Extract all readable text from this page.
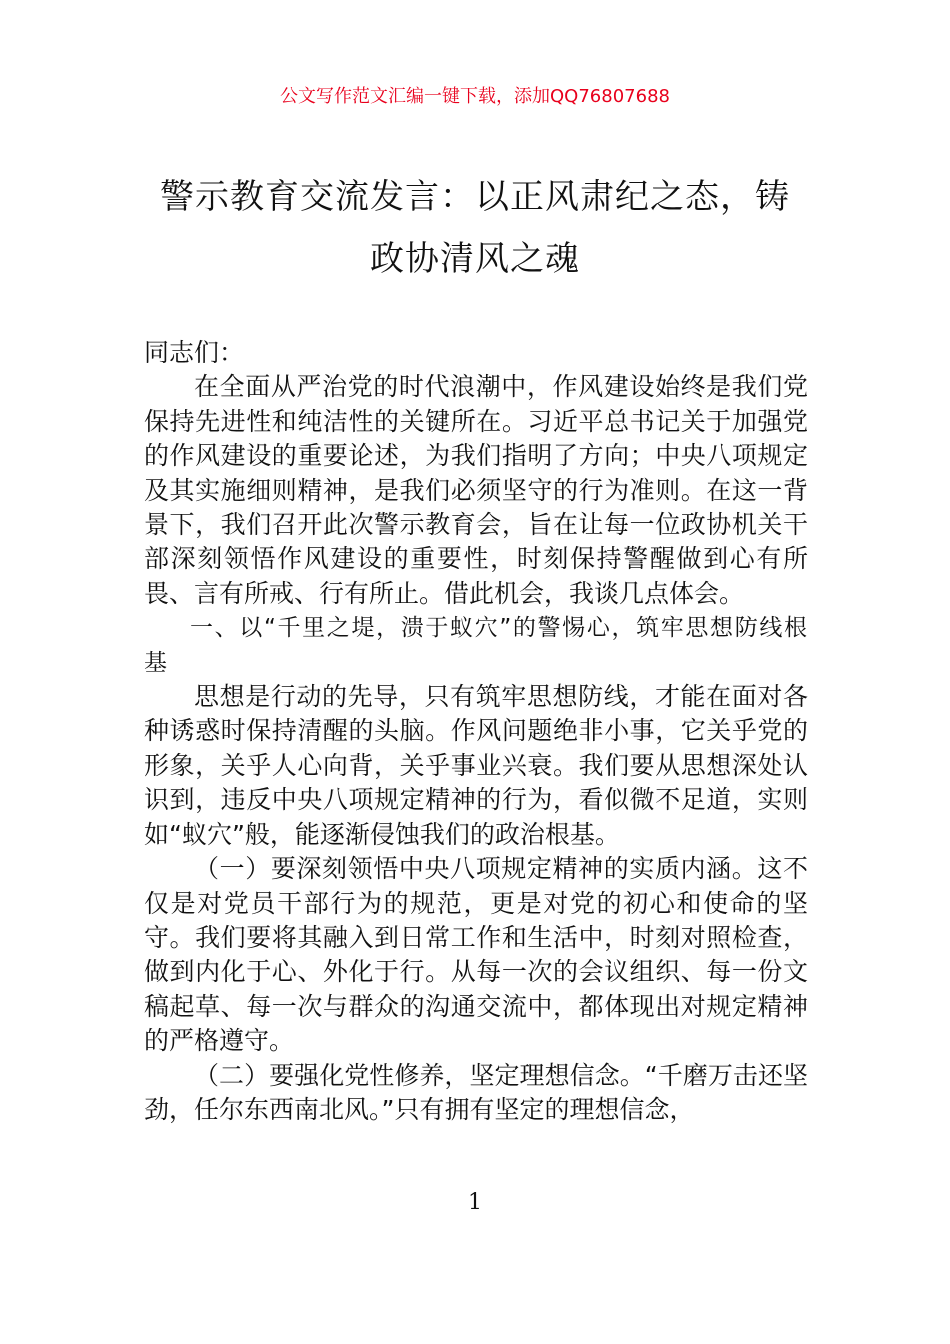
公文写作范文汇编一键下载，添加QQ76807688
警示教育交流发言：以正风肃纪之态，铸政协清风之魂

同志们：

在全面从严治党的时代浪潮中，作风建设始终是我们党保持先进性和纯洁性的关键所在。习近平总书记关于加强党的作风建设的重要论述，为我们指明了方向；中央八项规定及其实施细则精神，是我们必须坚守的行为准则。在这一背景下，我们召开此次警示教育会，旨在让每一位政协机关干部深刻领悟作风建设的重要性，时刻保持警醒做到心有所畏、言有所戒、行有所止。借此机会，我谈几点体会。

一、以“千里之堤，溃于蚁穴”的警惕心，筑牢思想防线根基

思想是行动的先导，只有筑牢思想防线，才能在面对各种诱惑时保持清醒的头脑。作风问题绝非小事，它关乎党的形象，关乎人心向背，关乎事业兴衰。我们要从思想深处认识到，违反中央八项规定精神的行为，看似微不足道，实则如“蚁穴”般，能逐渐侵蚀我们的政治根基。

（一）要深刻领悟中央八项规定精神的实质内涵。这不仅是对党员干部行为的规范，更是对党的初心和使命的坚守。我们要将其融入到日常工作和生活中，时刻对照检查，做到内化于心、外化于行。从每一次的会议组织、每一份文稿起草、每一次与群众的沟通交流中，都体现出对规定精神的严格遵守。

（二）要强化党性修养，坚定理想信念。“千磨万击还坚劲，任尔东西南北风。”只有拥有坚定的理想信念，

1
